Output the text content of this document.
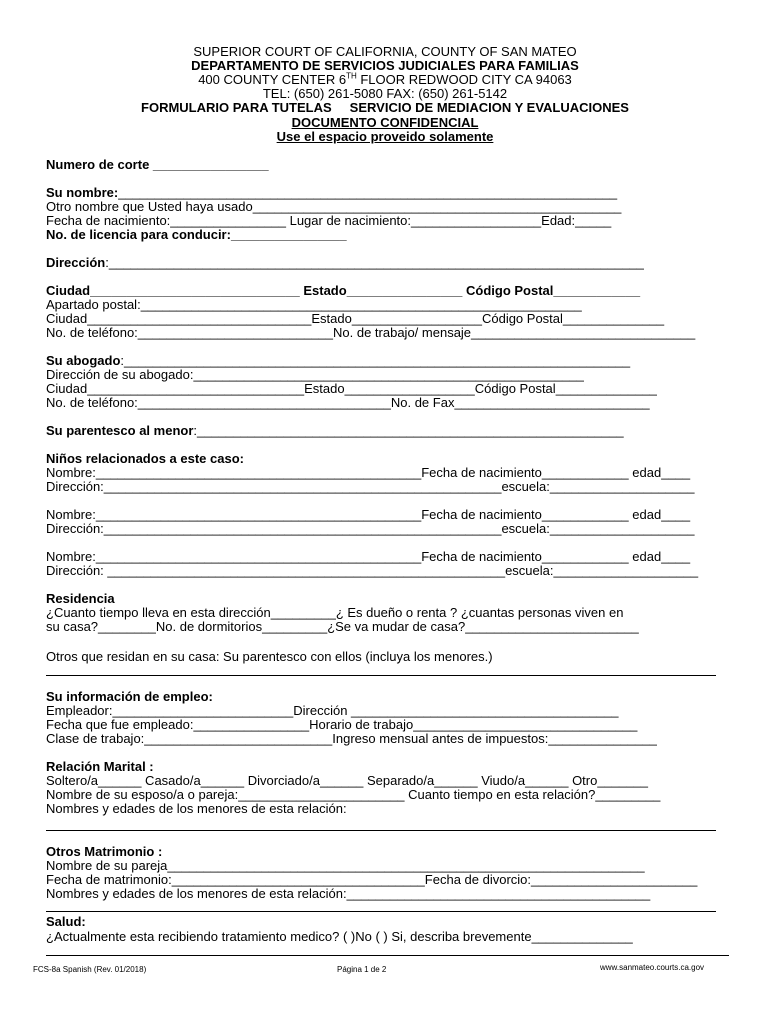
SUPERIOR COURT OF CALIFORNIA, COUNTY OF SAN MATEO
DEPARTAMENTO DE SERVICIOS JUDICIALES PARA FAMILIAS
400 COUNTY CENTER 6TH FLOOR REDWOOD CITY CA 94063
TEL: (650) 261-5080 FAX: (650) 261-5142
FORMULARIO PARA TUTELAS SERVICIO DE MEDIACION Y EVALUACIONES
DOCUMENTO CONFIDENCIAL
Use el espacio proveido solamente
Numero de corte ________________
Su nombre:_____________________________________________________________________
Otro nombre que Usted haya usado___________________________________________________
Fecha de nacimiento:________________ Lugar de nacimiento:__________________Edad:_____
No. de licencia para conducir:________________
Dirección:__________________________________________________________________________
Ciudad_____________________________ Estado________________ Código Postal____________
Apartado postal:_____________________________________________________________
Ciudad_______________________________Estado__________________Código Postal______________
No. de teléfono:___________________________No. de trabajo/ mensaje_______________________________
Su abogado:______________________________________________________________________
Dirección de su abogado:______________________________________________________
Ciudad______________________________Estado__________________Código Postal______________
No. de teléfono:___________________________________No. de Fax___________________________
Su parentesco al menor:___________________________________________________________
Niños relacionados a este caso:
Nombre:_____________________________________________Fecha de nacimiento____________ edad____
Dirección:_______________________________________________________escuela:____________________
Nombre:_____________________________________________Fecha de nacimiento____________ edad____
Dirección:_______________________________________________________escuela:____________________
Nombre:_____________________________________________Fecha de nacimiento____________ edad____
Dirección: _______________________________________________________escuela:____________________
Residencia
¿Cuanto tiempo lleva en esta dirección_________¿ Es dueño o renta ? ¿cuantas personas viven en
su casa?________No. de dormitorios_________¿Se va mudar de casa?________________________
Otros que residan en su casa: Su parentesco con ellos (incluya los menores.)
Su información de empleo:
Empleador:_________________________Dirección _____________________________________
Fecha que fue empleado:________________Horario de trabajo_______________________________
Clase de trabajo:__________________________Ingreso mensual antes de impuestos:_______________
Relación Marital :
Soltero/a______ Casado/a______ Divorciado/a______ Separado/a______ Viudo/a______ Otro_______
Nombre de su esposo/a o pareja:_______________________ Cuanto tiempo en esta relación?_________
Nombres y edades de los menores de esta relación:
Otros Matrimonio :
Nombre de su pareja__________________________________________________________________
Fecha de matrimonio:___________________________________Fecha de divorcio:_______________________
Nombres y edades de los menores de esta relación:__________________________________________
Salud:
¿Actualmente esta recibiendo tratamiento medico? ( )No ( ) Si, describa brevemente______________
FCS-8a Spanish (Rev. 01/2018)	Página 1 de 2	www.sanmateo.courts.ca.gov
